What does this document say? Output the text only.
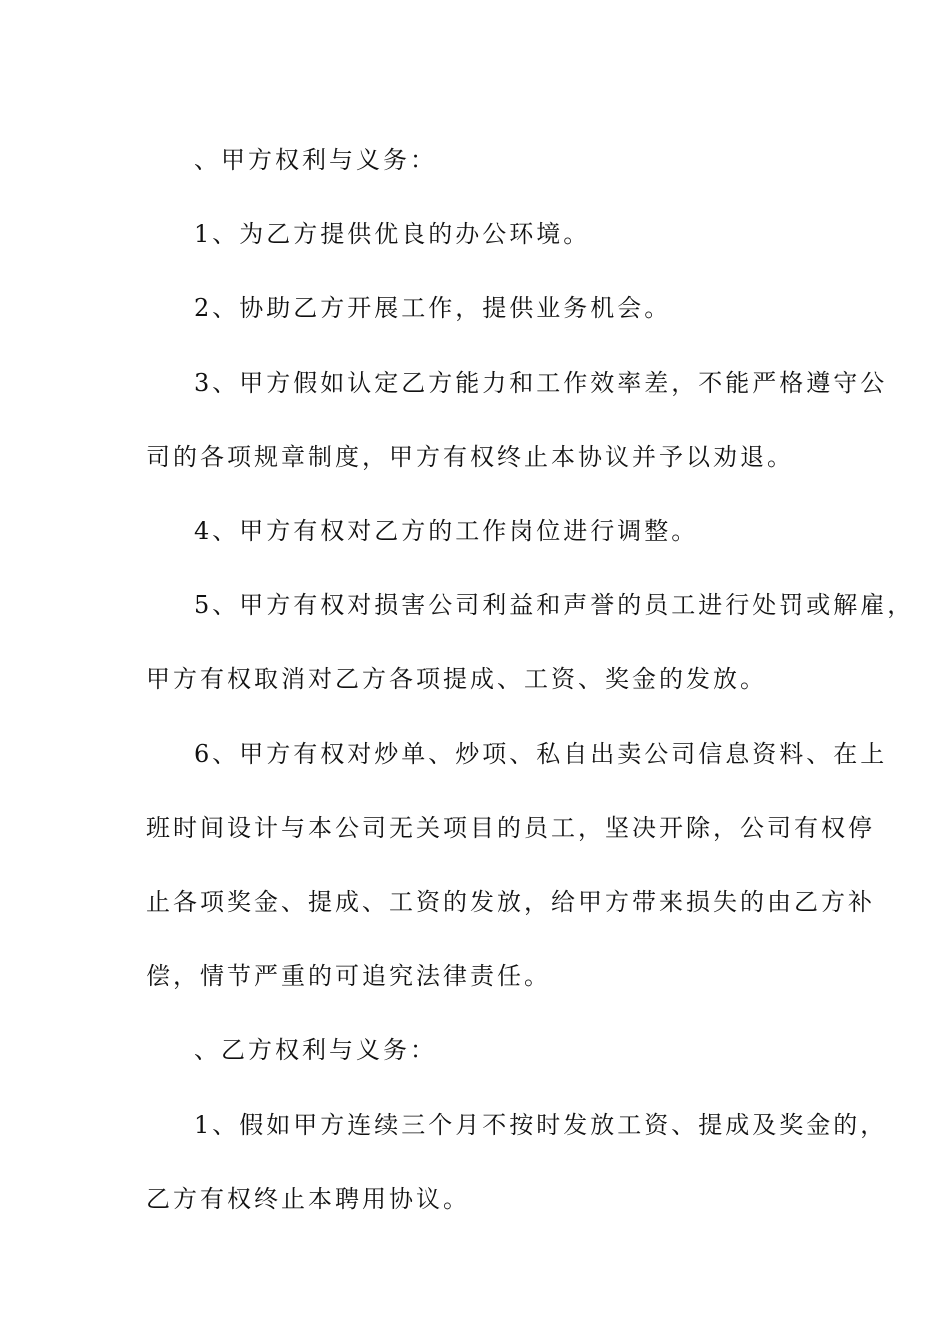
、甲方权利与义务：

1、为乙方提供优良的办公环境。

2、协助乙方开展工作，提供业务机会。

3、甲方假如认定乙方能力和工作效率差，不能严格遵守公

司的各项规章制度，甲方有权终止本协议并予以劝退。

4、甲方有权对乙方的工作岗位进行调整。

5、甲方有权对损害公司利益和声誉的员工进行处罚或解雇，

甲方有权取消对乙方各项提成、工资、奖金的发放。

6、甲方有权对炒单、炒项、私自出卖公司信息资料、在上

班时间设计与本公司无关项目的员工，坚决开除，公司有权停

止各项奖金、提成、工资的发放，给甲方带来损失的由乙方补

偿，情节严重的可追究法律责任。

、乙方权利与义务：

1、假如甲方连续三个月不按时发放工资、提成及奖金的，

乙方有权终止本聘用协议。
